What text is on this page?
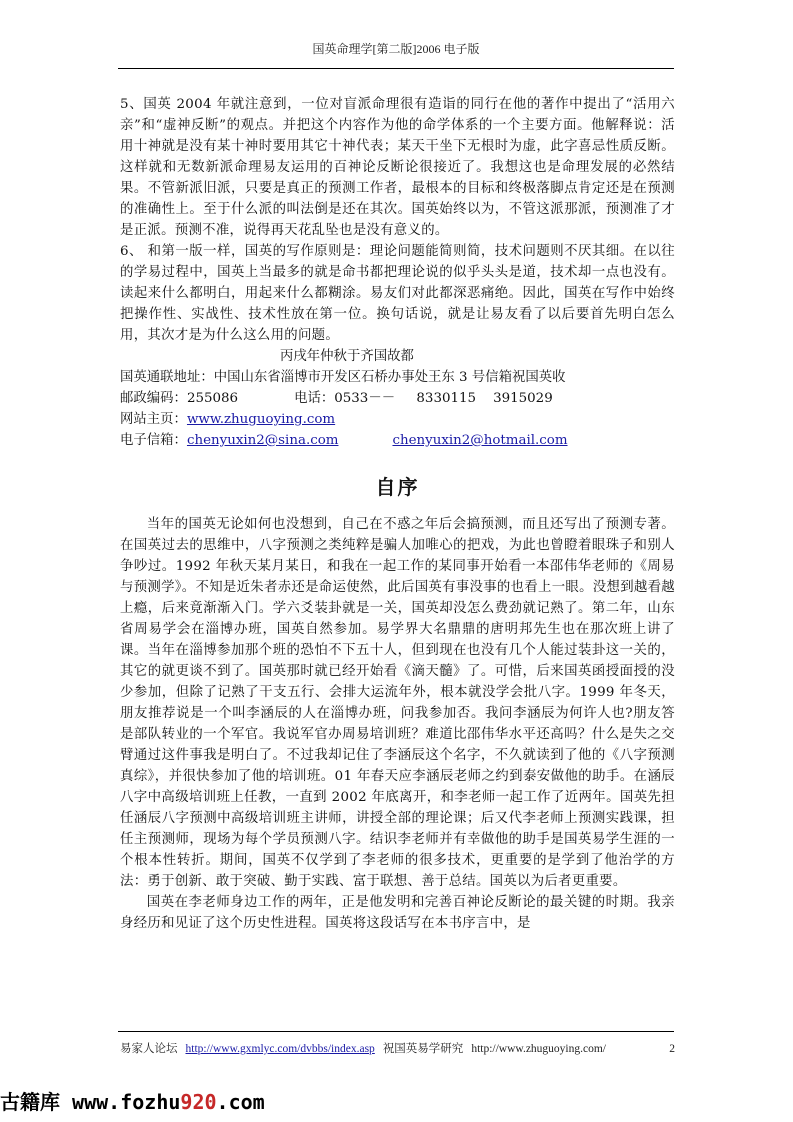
国英命理学[第二版]2006 电子版

5、国英 2004 年就注意到，一位对盲派命理很有造诣的同行在他的著作中提出了“活用六亲”和“虚神反断”的观点。并把这个内容作为他的命学体系的一个主要方面。他解释说：活用十神就是没有某十神时要用其它十神代表；某天干坐下无根时为虚，此字喜忌性质反断。这样就和无数新派命理易友运用的百神论反断论很接近了。我想这也是命理发展的必然结果。不管新派旧派，只要是真正的预测工作者，最根本的目标和终极落脚点肯定还是在预测的准确性上。至于什么派的叫法倒是还在其次。国英始终以为，不管这派那派，预测准了才是正派。预测不准，说得再天花乱坠也是没有意义的。

6、 和第一版一样，国英的写作原则是：理论问题能简则简，技术问题则不厌其细。在以往的学易过程中，国英上当最多的就是命书都把理论说的似乎头头是道，技术却一点也没有。读起来什么都明白，用起来什么都糊涂。易友们对此都深恶痛绝。因此，国英在写作中始终把操作性、实战性、技术性放在第一位。换句话说，就是让易友看了以后要首先明白怎么用，其次才是为什么这么用的问题。

丙戌年仲秋于齐国故都

国英通联地址：中国山东省淄博市开发区石桥办事处王东 3 号信箱祝国英收

邮政编码：255086	电话：0533－－ 8330115 3915029

网站主页：www.zhuguoying.com

电子信箱：chenyuxin2@sina.com	chenyuxin2@hotmail.com

自序

当年的国英无论如何也没想到，自己在不惑之年后会搞预测，而且还写出了预测专著。在国英过去的思维中，八字预测之类纯粹是骗人加唯心的把戏，为此也曾瞪着眼珠子和别人争吵过。1992 年秋天某月某日，和我在一起工作的某同事开始看一本邵伟华老师的《周易与预测学》。不知是近朱者赤还是命运使然，此后国英有事没事的也看上一眼。没想到越看越上瘾，后来竟渐渐入门。学六爻装卦就是一关，国英却没怎么费劲就记熟了。第二年，山东省周易学会在淄博办班，国英自然参加。易学界大名鼎鼎的唐明邦先生也在那次班上讲了课。当年在淄博参加那个班的恐怕不下五十人，但到现在也没有几个人能过装卦这一关的，其它的就更谈不到了。国英那时就已经开始看《滴天髓》了。可惜，后来国英函授面授的没少参加，但除了记熟了干支五行、会排大运流年外，根本就没学会批八字。1999 年冬天，朋友推荐说是一个叫李涵辰的人在淄博办班，问我参加否。我问李涵辰为何许人也?朋友答是部队转业的一个军官。我说军官办周易培训班？难道比邵伟华水平还高吗？什么是失之交臂通过这件事我是明白了。不过我却记住了李涵辰这个名字，不久就读到了他的《八字预测真综》，并很快参加了他的培训班。01 年春天应李涵辰老师之约到泰安做他的助手。在涵辰八字中高级培训班上任教，一直到 2002 年底离开，和李老师一起工作了近两年。国英先担任涵辰八字预测中高级培训班主讲师，讲授全部的理论课；后又代李老师上预测实践课，担任主预测师，现场为每个学员预测八字。结识李老师并有幸做他的助手是国英易学生涯的一个根本性转折。期间，国英不仅学到了李老师的很多技术，更重要的是学到了他治学的方法：勇于创新、敢于突破、勤于实践、富于联想、善于总结。国英以为后者更重要。

国英在李老师身边工作的两年，正是他发明和完善百神论反断论的最关键的时期。我亲身经历和见证了这个历史性进程。国英将这段话写在本书序言中，是

易家人论坛 http://www.gxmlyc.com/dvbbs/index.asp 祝国英易学研究 http://www.zhuguoying.com/	2
古籍库 www.fozhu920.com
